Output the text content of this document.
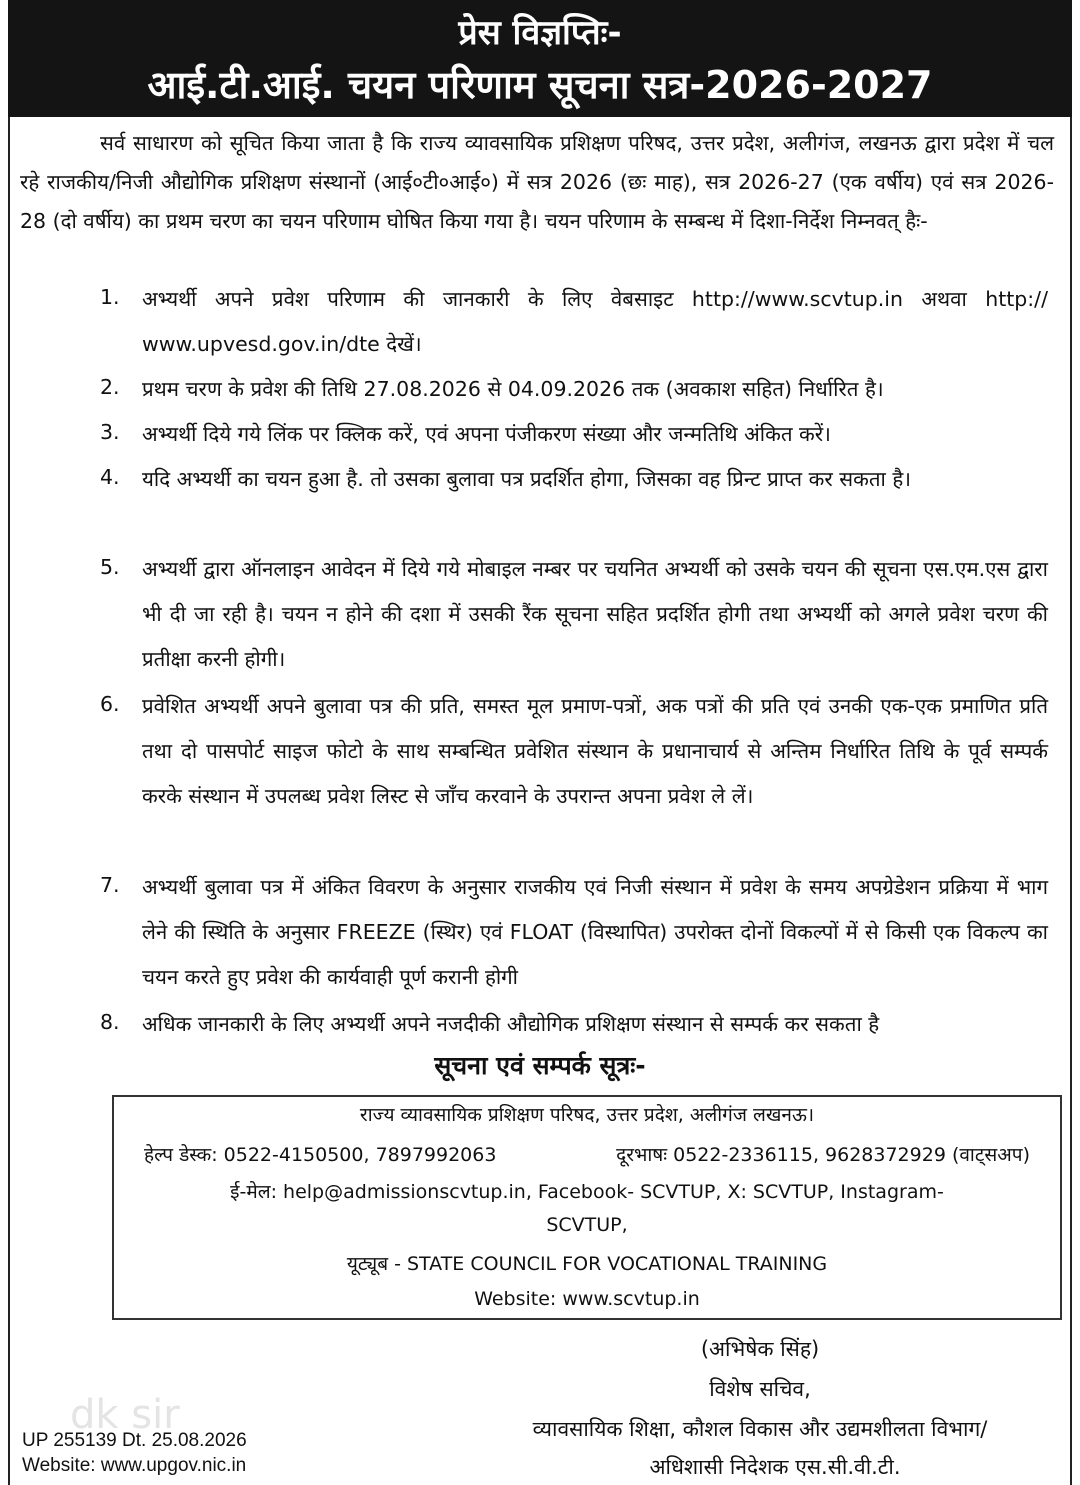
प्रेस विज्ञप्तिः-
आई.टी.आई. चयन परिणाम सूचना सत्र-2026-2027
सर्व साधारण को सूचित किया जाता है कि राज्य व्यावसायिक प्रशिक्षण परिषद, उत्तर प्रदेश, अलीगंज, लखनऊ द्वारा प्रदेश में चल रहे राजकीय/निजी औद्योगिक प्रशिक्षण संस्थानों (आई०टी०आई०) में सत्र 2026 (छः माह), सत्र 2026-27 (एक वर्षीय) एवं सत्र 2026-28 (दो वर्षीय) का प्रथम चरण का चयन परिणाम घोषित किया गया है। चयन परिणाम के सम्बन्ध में दिशा-निर्देश निम्नवत् हैः-
1.	अभ्यर्थी अपने प्रवेश परिणाम की जानकारी के लिए वेबसाइट http://www.scvtup.in अथवा http:// www.upvesd.gov.in/dte देखें।
2.	प्रथम चरण के प्रवेश की तिथि 27.08.2026 से 04.09.2026 तक (अवकाश सहित) निर्धारित है।
3.	अभ्यर्थी दिये गये लिंक पर क्लिक करें, एवं अपना पंजीकरण संख्या और जन्मतिथि अंकित करें।
4.	यदि अभ्यर्थी का चयन हुआ है. तो उसका बुलावा पत्र प्रदर्शित होगा, जिसका वह प्रिन्ट प्राप्त कर सकता है।
5.	अभ्यर्थी द्वारा ऑनलाइन आवेदन में दिये गये मोबाइल नम्बर पर चयनित अभ्यर्थी को उसके चयन की सूचना एस.एम.एस द्वारा भी दी जा रही है। चयन न होने की दशा में उसकी रैंक सूचना सहित प्रदर्शित होगी तथा अभ्यर्थी को अगले प्रवेश चरण की प्रतीक्षा करनी होगी।
6.	प्रवेशित अभ्यर्थी अपने बुलावा पत्र की प्रति, समस्त मूल प्रमाण-पत्रों, अक पत्रों की प्रति एवं उनकी एक-एक प्रमाणित प्रति तथा दो पासपोर्ट साइज फोटो के साथ सम्बन्धित प्रवेशित संस्थान के प्रधानाचार्य से अन्तिम निर्धारित तिथि के पूर्व सम्पर्क करके संस्थान में उपलब्ध प्रवेश लिस्ट से जाँच करवाने के उपरान्त अपना प्रवेश ले लें।
7.	अभ्यर्थी बुलावा पत्र में अंकित विवरण के अनुसार राजकीय एवं निजी संस्थान में प्रवेश के समय अपग्रेडेशन प्रक्रिया में भाग लेने की स्थिति के अनुसार FREEZE (स्थिर) एवं FLOAT (विस्थापित) उपरोक्त दोनों विकल्पों में से किसी एक विकल्प का चयन करते हुए प्रवेश की कार्यवाही पूर्ण करानी होगी
8.	अधिक जानकारी के लिए अभ्यर्थी अपने नजदीकी औद्योगिक प्रशिक्षण संस्थान से सम्पर्क कर सकता है
सूचना एवं सम्पर्क सूत्रः-
राज्य व्यावसायिक प्रशिक्षण परिषद, उत्तर प्रदेश, अलीगंज लखनऊ।
हेल्प डेस्क: 0522-4150500, 7897992063	दूरभाषः 0522-2336115, 9628372929 (वाट्सअप)
ई-मेल: help@admissionscvtup.in, Facebook- SCVTUP, X: SCVTUP, Instagram-
SCVTUP,
यूट्यूब - STATE COUNCIL FOR VOCATIONAL TRAINING
Website: www.scvtup.in
(अभिषेक सिंह)
विशेष सचिव,
व्यावसायिक शिक्षा, कौशल विकास और उद्यमशीलता विभाग/
अधिशासी निदेशक एस.सी.वी.टी.
dk sir
UP 255139 Dt. 25.08.2026
Website: www.upgov.nic.in
